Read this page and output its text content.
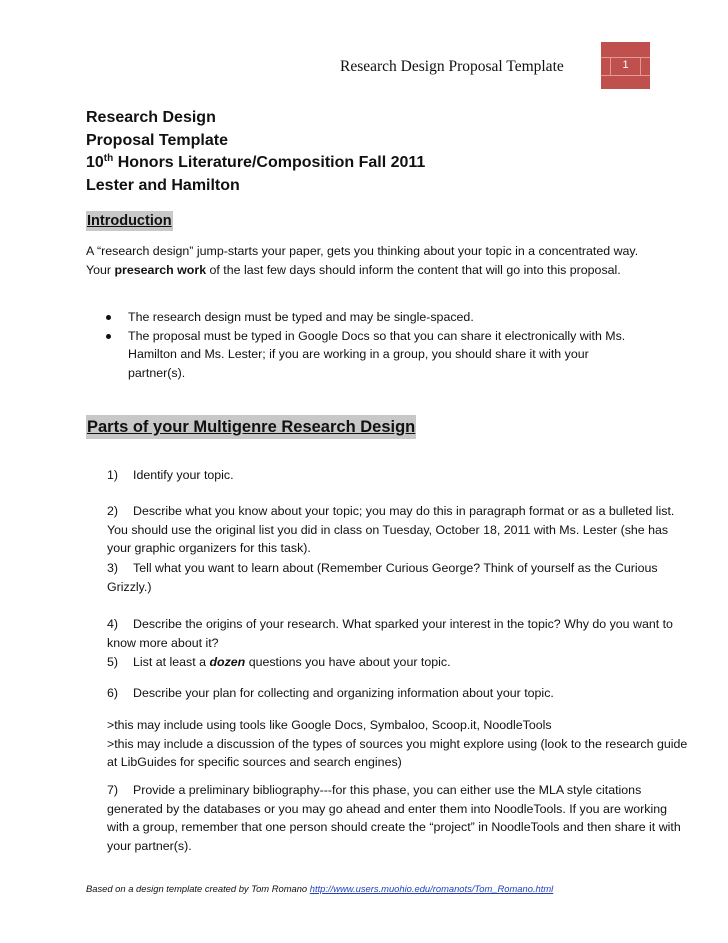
Research Design Proposal Template	1
Research Design
Proposal Template
10th Honors Literature/Composition Fall 2011
Lester and Hamilton
Introduction
A “research design” jump-starts your paper, gets you thinking about your topic in a concentrated way. Your presearch work of the last few days should inform the content that will go into this proposal.
The research design must be typed and may be single-spaced.
The proposal must be typed in Google Docs so that you can share it electronically with Ms. Hamilton and Ms. Lester; if you are working in a group, you should share it with your partner(s).
Parts of your Multigenre Research Design
1) Identify your topic.
2) Describe what you know about your topic; you may do this in paragraph format or as a bulleted list. You should use the original list you did in class on Tuesday, October 18, 2011 with Ms. Lester (she has your graphic organizers for this task).
3) Tell what you want to learn about (Remember Curious George? Think of yourself as the Curious Grizzly.)
4) Describe the origins of your research. What sparked your interest in the topic? Why do you want to know more about it?
5) List at least a dozen questions you have about your topic.
6) Describe your plan for collecting and organizing information about your topic.
>this may include using tools like Google Docs, Symbaloo, Scoop.it, NoodleTools
>this may include a discussion of the types of sources you might explore using (look to the research guide at LibGuides for specific sources and search engines)
7) Provide a preliminary bibliography---for this phase, you can either use the MLA style citations generated by the databases or you may go ahead and enter them into NoodleTools. If you are working with a group, remember that one person should create the “project” in NoodleTools and then share it with your partner(s).
Based on a design template created by Tom Romano http://www.users.muohio.edu/romanots/Tom_Romano.html
